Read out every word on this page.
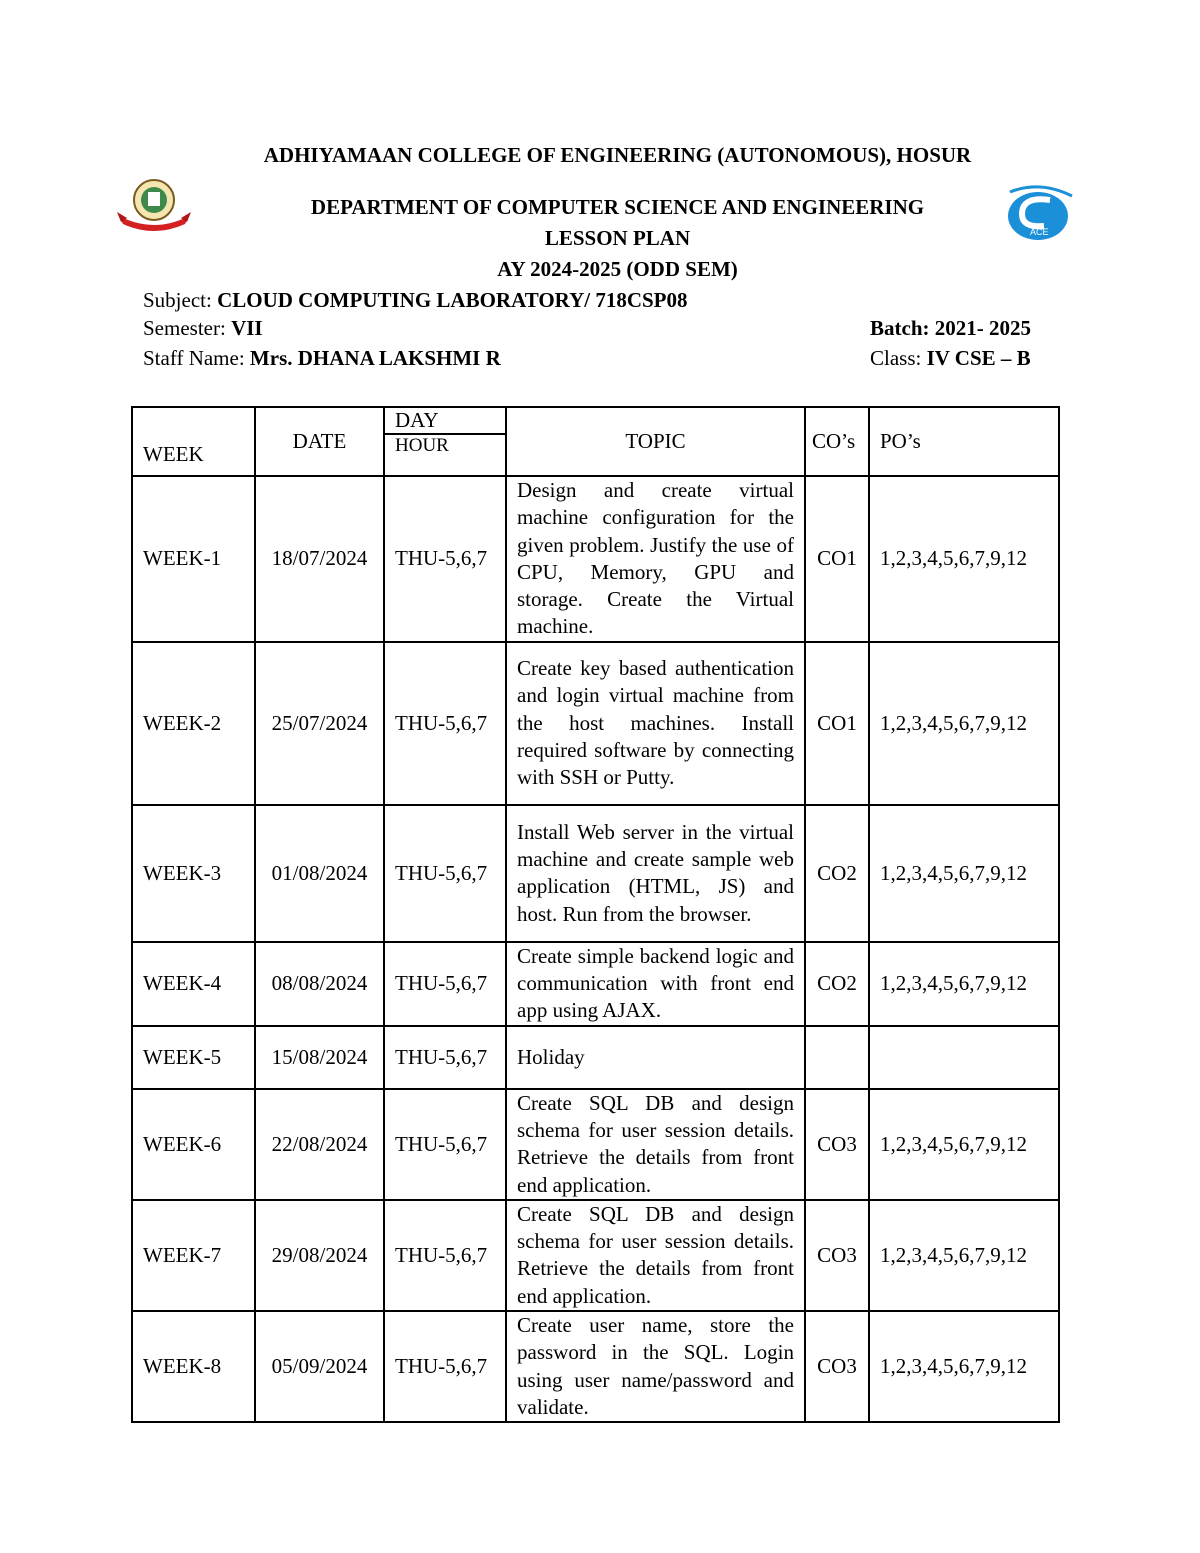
ADHIYAMAAN COLLEGE OF ENGINEERING (AUTONOMOUS), HOSUR
DEPARTMENT OF COMPUTER SCIENCE AND ENGINEERING
LESSON PLAN
AY 2024-2025 (ODD SEM)
ACE
Subject: CLOUD COMPUTING LABORATORY/ 718CSP08
Semester: VII	Batch: 2021- 2025
Staff Name: Mrs. DHANA LAKSHMI R	Class: IV CSE – B
WEEK	DATE	DAY	TOPIC	CO’s	PO’s
		HOUR			
WEEK-1	18/07/2024	THU-5,6,7	Design and create virtual machine configuration for the given problem. Justify the use of CPU, Memory, GPU and storage. Create the Virtual machine.	CO1	1,2,3,4,5,6,7,9,12
WEEK-2	25/07/2024	THU-5,6,7	Create key based authentication and login virtual machine from the host machines. Install required software by connecting with SSH or Putty.	CO1	1,2,3,4,5,6,7,9,12
WEEK-3	01/08/2024	THU-5,6,7	Install Web server in the virtual machine and create sample web application (HTML, JS) and host. Run from the browser.	CO2	1,2,3,4,5,6,7,9,12
WEEK-4	08/08/2024	THU-5,6,7	Create simple backend logic and communication with front end app using AJAX.	CO2	1,2,3,4,5,6,7,9,12
WEEK-5	15/08/2024	THU-5,6,7	Holiday		
WEEK-6	22/08/2024	THU-5,6,7	Create SQL DB and design schema for user session details. Retrieve the details from front end application.	CO3	1,2,3,4,5,6,7,9,12
WEEK-7	29/08/2024	THU-5,6,7	Create SQL DB and design schema for user session details. Retrieve the details from front end application.	CO3	1,2,3,4,5,6,7,9,12
WEEK-8	05/09/2024	THU-5,6,7	Create user name, store the password in the SQL. Login using user name/password and validate.	CO3	1,2,3,4,5,6,7,9,12
